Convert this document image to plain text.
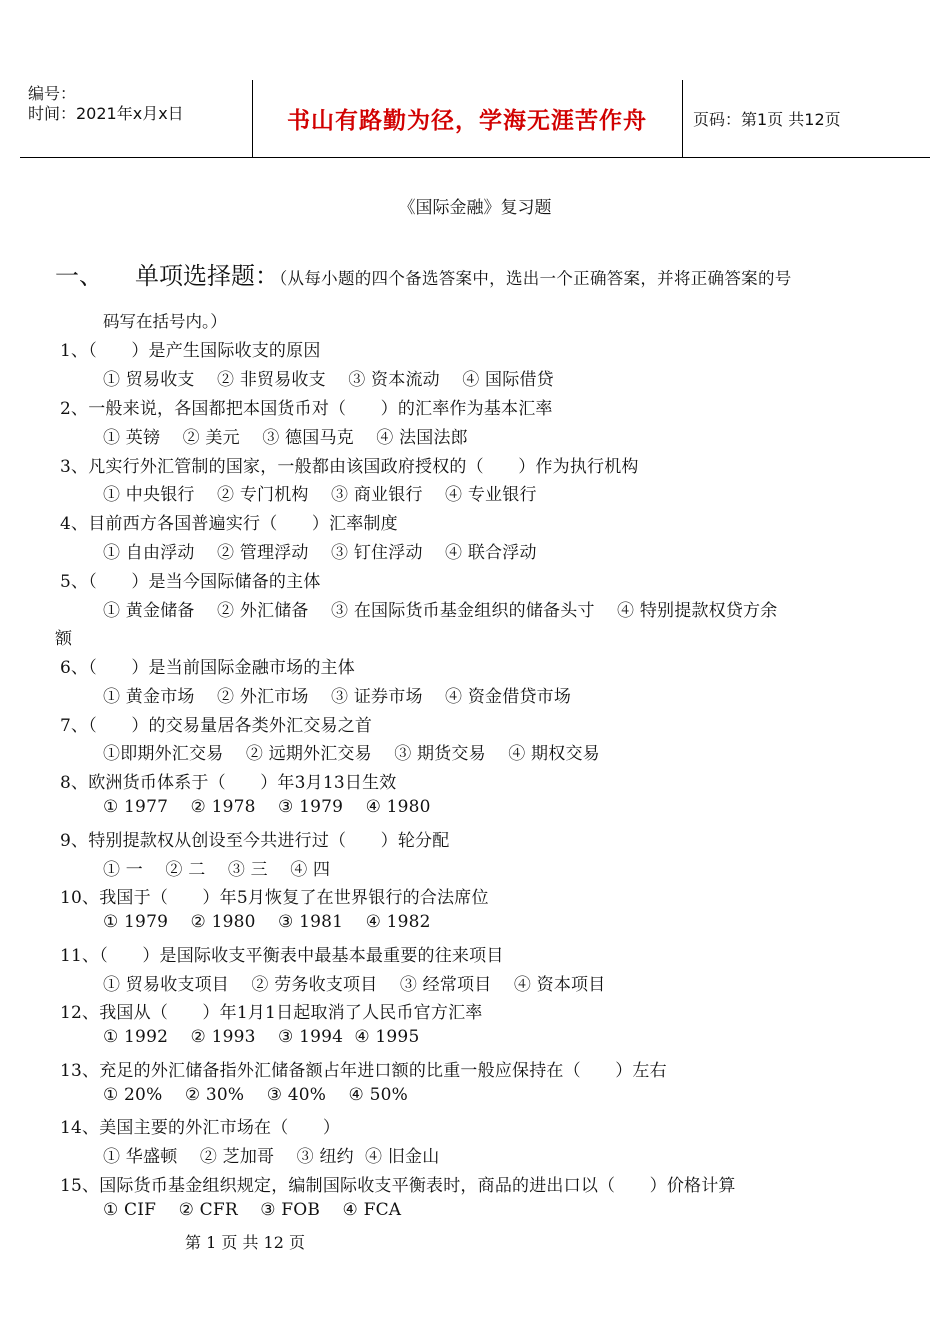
编号：
时间：2021年x月x日	书山有路勤为径，学海无涯苦作舟	页码：第1页 共12页
《国际金融》复习题
一、 单项选择题：（从每小题的四个备选答案中，选出一个正确答案，并将正确答案的号
码写在括号内。）
1、（　　）是产生国际收支的原因
① 贸易收支    ② 非贸易收支    ③ 资本流动    ④ 国际借贷
2、一般来说，各国都把本国货币对（　　）的汇率作为基本汇率
① 英镑    ② 美元    ③ 德国马克    ④ 法国法郎
3、凡实行外汇管制的国家，一般都由该国政府授权的（　　）作为执行机构
① 中央银行    ② 专门机构    ③ 商业银行    ④ 专业银行
4、目前西方各国普遍实行（　　）汇率制度
① 自由浮动    ② 管理浮动    ③ 钉住浮动    ④ 联合浮动
5、（　　）是当今国际储备的主体
① 黄金储备    ② 外汇储备    ③ 在国际货币基金组织的储备头寸    ④ 特别提款权贷方余
额
6、（　　）是当前国际金融市场的主体
① 黄金市场    ② 外汇市场    ③ 证券市场    ④ 资金借贷市场
7、（　　）的交易量居各类外汇交易之首
①即期外汇交易    ② 远期外汇交易    ③ 期货交易    ④ 期权交易
8、欧洲货币体系于（　　）年3月13日生效
① 1977    ② 1978    ③ 1979    ④ 1980
9、特别提款权从创设至今共进行过（　　）轮分配
① 一    ② 二    ③ 三    ④ 四
10、我国于（　　）年5月恢复了在世界银行的合法席位
① 1979    ② 1980    ③ 1981    ④ 1982
11、（　　）是国际收支平衡表中最基本最重要的往来项目
① 贸易收支项目    ② 劳务收支项目    ③ 经常项目    ④ 资本项目
12、我国从（　　）年1月1日起取消了人民币官方汇率
① 1992    ② 1993    ③ 1994  ④ 1995
13、充足的外汇储备指外汇储备额占年进口额的比重一般应保持在（　　）左右
① 20%    ② 30%    ③ 40%    ④ 50%
14、美国主要的外汇市场在（　　）
① 华盛顿    ② 芝加哥    ③ 纽约  ④ 旧金山
15、国际货币基金组织规定，编制国际收支平衡表时，商品的进出口以（　　）价格计算
① CIF    ② CFR    ③ FOB    ④ FCA
第 1 页 共 12 页
